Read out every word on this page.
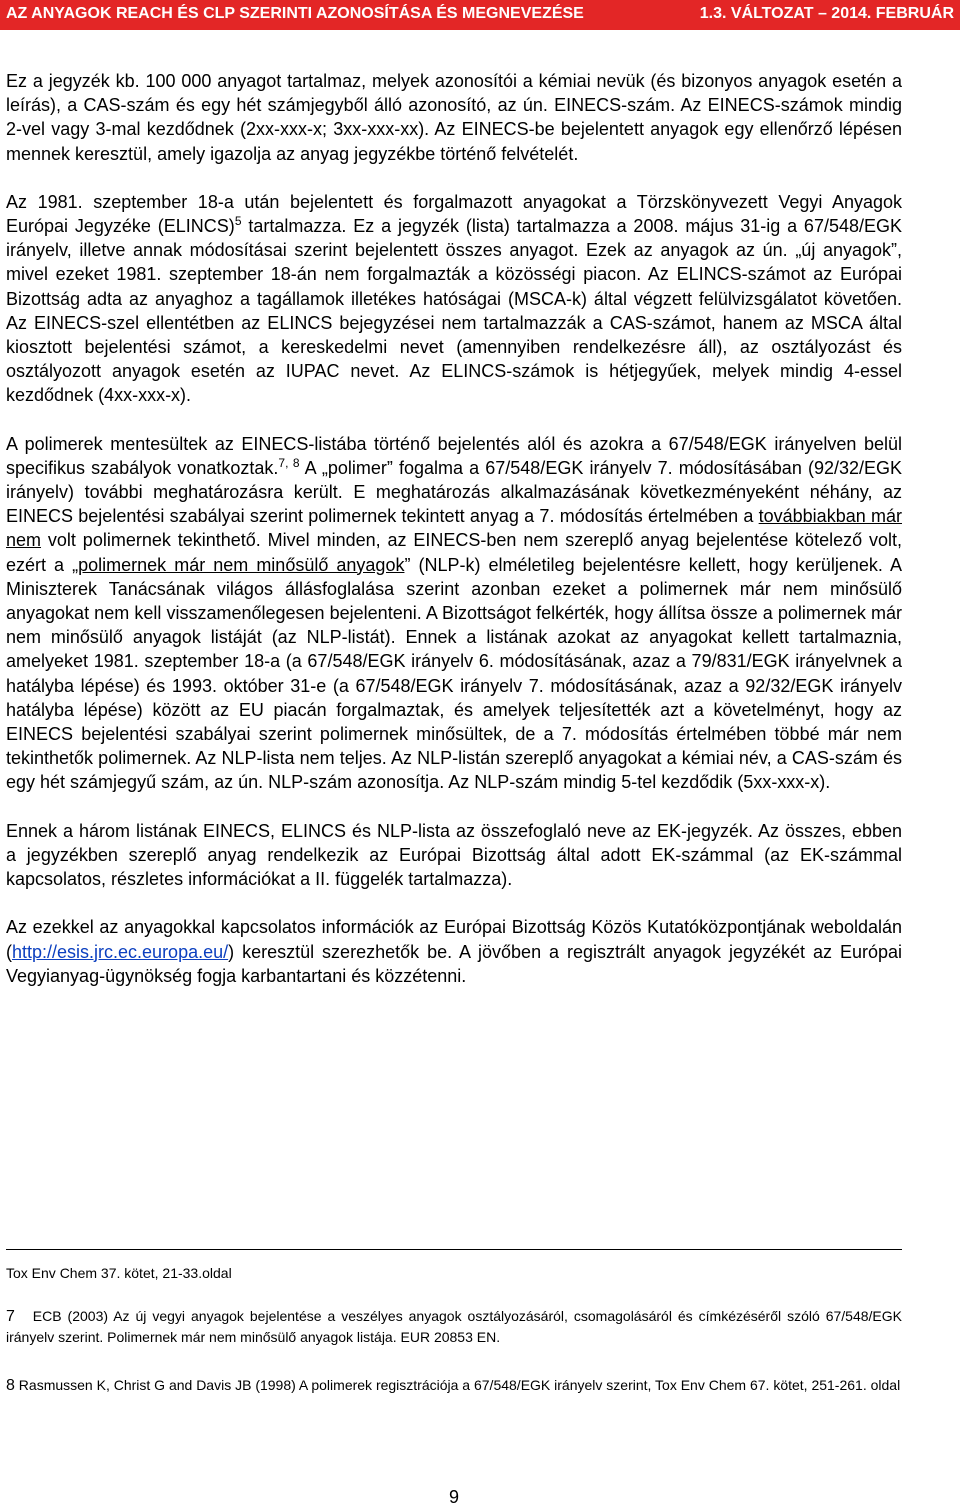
AZ ANYAGOK REACH ÉS CLP SZERINTI AZONOSÍTÁSA ÉS MEGNEVEZÉSE	1.3. VÁLTOZAT – 2014. FEBRUÁR

Ez a jegyzék kb. 100 000 anyagot tartalmaz, melyek azonosítói a kémiai nevük (és bizonyos anyagok esetén a leírás), a CAS-szám és egy hét számjegyből álló azonosító, az ún. EINECS-szám. Az EINECS-számok mindig 2-vel vagy 3-mal kezdődnek (2xx-xxx-x; 3xx-xxx-xx). Az EINECS-be bejelentett anyagok egy ellenőrző lépésen mennek keresztül, amely igazolja az anyag jegyzékbe történő felvételét.

Az 1981. szeptember 18-a után bejelentett és forgalmazott anyagokat a Törzskönyvezett Vegyi Anyagok Európai Jegyzéke (ELINCS)$^5$ tartalmazza. Ez a jegyzék (lista) tartalmazza a 2008. május 31-ig a 67/548/EGK irányelv, illetve annak módosításai szerint bejelentett összes anyagot. Ezek az anyagok az ún. „új anyagok”, mivel ezeket 1981. szeptember 18-án nem forgalmazták a közösségi piacon. Az ELINCS-számot az Európai Bizottság adta az anyaghoz a tagállamok illetékes hatóságai (MSCA-k) által végzett felülvizsgálatot követően. Az EINECS-szel ellentétben az ELINCS bejegyzései nem tartalmazzák a CAS-számot, hanem az MSCA által kiosztott bejelentési számot, a kereskedelmi nevet (amennyiben rendelkezésre áll), az osztályozást és osztályozott anyagok esetén az IUPAC nevet. Az ELINCS-számok is hétjegyűek, melyek mindig 4-essel kezdődnek (4xx-xxx-x).

A polimerek mentesültek az EINECS-listába történő bejelentés alól és azokra a 67/548/EGK irányelven belül specifikus szabályok vonatkoztak.$^{7, 8}$ A „polimer” fogalma a 67/548/EGK irányelv 7. módosításában (92/32/EGK irányelv) további meghatározásra került. E meghatározás alkalmazásának következményeként néhány, az EINECS bejelentési szabályai szerint polimernek tekintett anyag a 7. módosítás értelmében a továbbiakban már nem volt polimernek tekinthető. Mivel minden, az EINECS-ben nem szereplő anyag bejelentése kötelező volt, ezért a „polimernek már nem minősülő anyagok” (NLP-k) elméletileg bejelentésre kellett, hogy kerüljenek. A Miniszterek Tanácsának világos állásfoglalása szerint azonban ezeket a polimernek már nem minősülő anyagokat nem kell visszamenőlegesen bejelenteni. A Bizottságot felkérték, hogy állítsa össze a polimernek már nem minősülő anyagok listáját (az NLP-listát). Ennek a listának azokat az anyagokat kellett tartalmaznia, amelyeket 1981. szeptember 18-a (a 67/548/EGK irányelv 6. módosításának, azaz a 79/831/EGK irányelvnek a hatályba lépése) és 1993. október 31-e (a 67/548/EGK irányelv 7. módosításának, azaz a 92/32/EGK irányelv hatályba lépése) között az EU piacán forgalmaztak, és amelyek teljesítették azt a követelményt, hogy az EINECS bejelentési szabályai szerint polimernek minősültek, de a 7. módosítás értelmében többé már nem tekinthetők polimernek. Az NLP-lista nem teljes. Az NLP-listán szereplő anyagokat a kémiai név, a CAS-szám és egy hét számjegyű szám, az ún. NLP-szám azonosítja. Az NLP-szám mindig 5-tel kezdődik (5xx-xxx-x).

Ennek a három listának EINECS, ELINCS és NLP-lista az összefoglaló neve az EK-jegyzék. Az összes, ebben a jegyzékben szereplő anyag rendelkezik az Európai Bizottság által adott EK-számmal (az EK-számmal kapcsolatos, részletes információkat a II. függelék tartalmazza).

Az ezekkel az anyagokkal kapcsolatos információk az Európai Bizottság Közös Kutatóközpontjának weboldalán (http://esis.jrc.ec.europa.eu/) keresztül szerezhetők be. A jövőben a regisztrált anyagok jegyzékét az Európai Vegyianyag-ügynökség fogja karbantartani és közzétenni.

Tox Env Chem 37. kötet, 21-33.oldal
7 ECB (2003) Az új vegyi anyagok bejelentése a veszélyes anyagok osztályozásáról, csomagolásáról és címkézéséről szóló 67/548/EGK irányelv szerint. Polimernek már nem minősülő anyagok listája. EUR 20853 EN.
8 Rasmussen K, Christ G and Davis JB (1998) A polimerek regisztrációja a 67/548/EGK irányelv szerint, Tox Env Chem 67. kötet, 251-261. oldal
9
